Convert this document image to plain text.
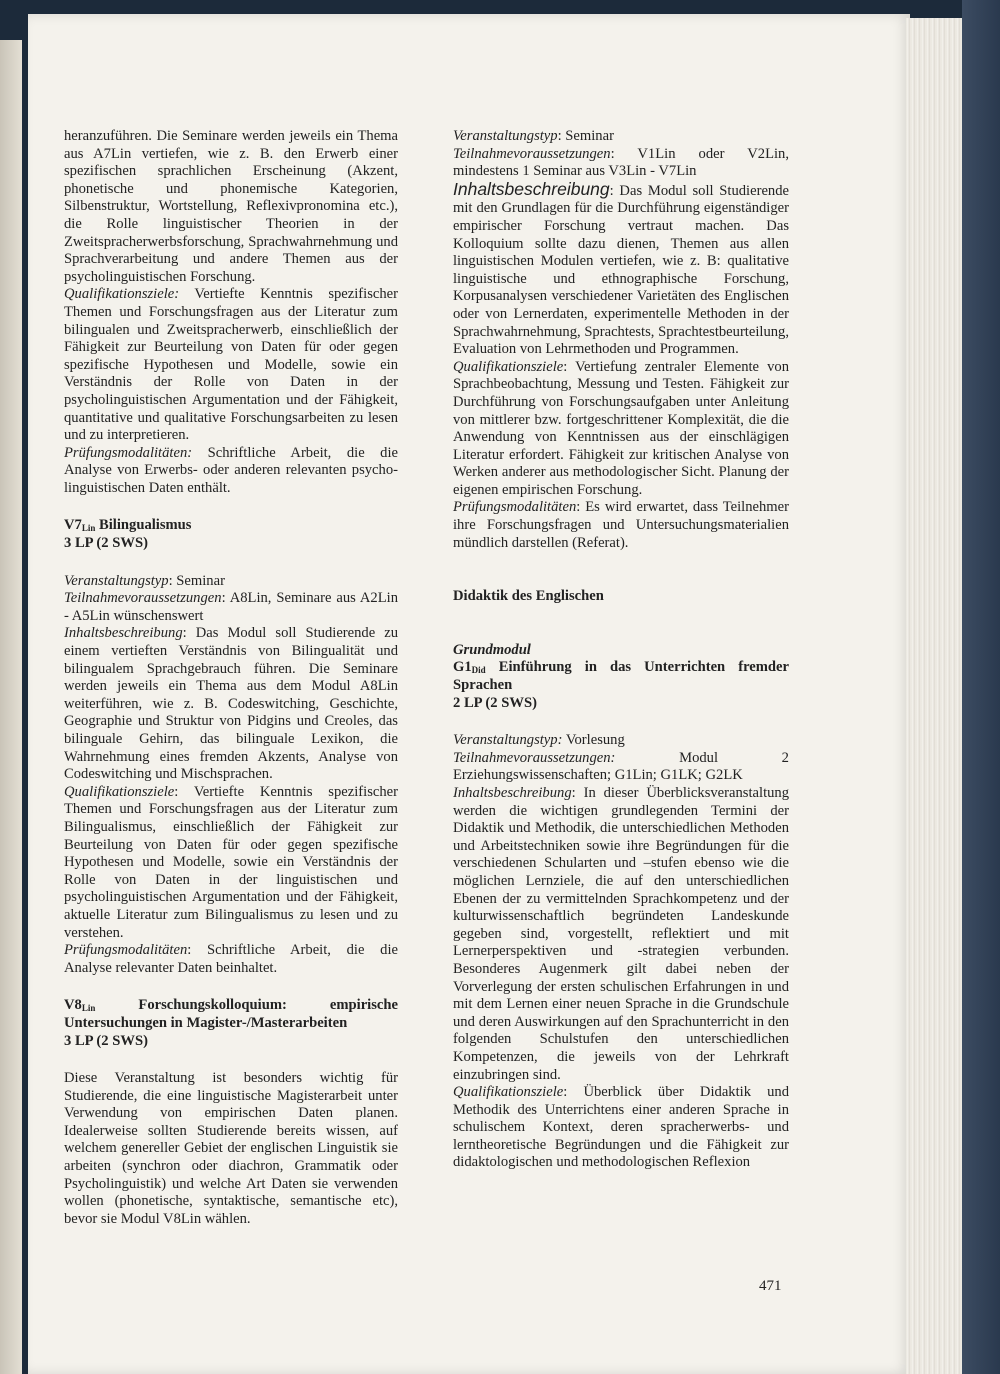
heranzuführen. Die Seminare werden jeweils ein Thema aus A7Lin vertiefen, wie z. B. den Erwerb einer spezifischen sprachlichen Erscheinung (Akzent, phonetische und phonemische Kategorien, Silbenstruktur, Wortstellung, Reflexivpronomina etc.), die Rolle linguistischer Theorien in der Zweitspracherwerbsforschung, Sprachwahrnehmung und Sprachverarbeitung und andere Themen aus der psycholinguistischen Forschung.

Qualifikationsziele: Vertiefte Kenntnis spezifischer Themen und Forschungsfragen aus der Literatur zum bilingualen und Zweitspracherwerb, einschließlich der Fähigkeit zur Beurteilung von Daten für oder gegen spezifische Hypothesen und Modelle, sowie ein Verständnis der Rolle von Daten in der psycholinguistischen Argumentation und der Fähigkeit, quantitative und qualitative Forschungsarbeiten zu lesen und zu interpretieren.

Prüfungsmodalitäten: Schriftliche Arbeit, die die Analyse von Erwerbs- oder anderen relevanten psycho-linguistischen Daten enthält.

$V7_{Lin}$ Bilingualismus

3 LP (2 SWS)

Veranstaltungstyp: Seminar

Teilnahmevoraussetzungen: A8Lin, Seminare aus A2Lin - A5Lin wünschenswert

Inhaltsbeschreibung: Das Modul soll Studierende zu einem vertieften Verständnis von Bilingualität und bilingualem Sprachgebrauch führen. Die Seminare werden jeweils ein Thema aus dem Modul A8Lin weiterführen, wie z. B. Codeswitching, Geschichte, Geographie und Struktur von Pidgins und Creoles, das bilinguale Gehirn, das bilinguale Lexikon, die Wahrnehmung eines fremden Akzents, Analyse von Codeswitching und Mischsprachen.

Qualifikationsziele: Vertiefte Kenntnis spezifischer Themen und Forschungsfragen aus der Literatur zum Bilingualismus, einschließlich der Fähigkeit zur Beurteilung von Daten für oder gegen spezifische Hypothesen und Modelle, sowie ein Verständnis der Rolle von Daten in der linguistischen und psycholinguistischen Argumentation und der Fähigkeit, aktuelle Literatur zum Bilingualismus zu lesen und zu verstehen.

Prüfungsmodalitäten: Schriftliche Arbeit, die die Analyse relevanter Daten beinhaltet.

$V8_{Lin}$	Forschungskolloquium: empirische Untersuchungen in Magister-/Masterarbeiten

3 LP (2 SWS)

Diese Veranstaltung ist besonders wichtig für Studierende, die eine linguistische Magisterarbeit unter Verwendung von empirischen Daten planen. Idealerweise sollten Studierende bereits wissen, auf welchem genereller Gebiet der englischen Linguistik sie arbeiten (synchron oder diachron, Grammatik oder Psycholinguistik) und welche Art Daten sie verwenden wollen (phonetische, syntaktische, semantische etc), bevor sie Modul V8Lin wählen.

Veranstaltungstyp: Seminar

Teilnahmevoraussetzungen: V1Lin oder V2Lin, mindestens 1 Seminar aus V3Lin - V7Lin

Inhaltsbeschreibung: Das Modul soll Studierende mit den Grundlagen für die Durchführung eigenständiger empirischer Forschung vertraut machen. Das Kolloquium sollte dazu dienen, Themen aus allen linguistischen Modulen vertiefen, wie z. B: qualitative linguistische und ethnographische Forschung, Korpusanalysen verschiedener Varietäten des Englischen oder von Lernerdaten, experimentelle Methoden in der Sprachwahrnehmung, Sprachtests, Sprachtestbeurteilung, Evaluation von Lehrmethoden und Programmen.

Qualifikationsziele: Vertiefung zentraler Elemente von Sprachbeobachtung, Messung und Testen. Fähigkeit zur Durchführung von Forschungsaufgaben unter Anleitung von mittlerer bzw. fortgeschrittener Komplexität, die die Anwendung von Kenntnissen aus der einschlägigen Literatur erfordert. Fähigkeit zur kritischen Analyse von Werken anderer aus methodologischer Sicht. Planung der eigenen empirischen Forschung.

Prüfungsmodalitäten: Es wird erwartet, dass Teilnehmer ihre Forschungsfragen und Untersuchungsmaterialien mündlich darstellen (Referat).

Didaktik des Englischen

Grundmodul

$G1_{Did}$ Einführung in das Unterrichten fremder Sprachen

2 LP (2 SWS)

Veranstaltungstyp: Vorlesung

Teilnahmevoraussetzungen:	Modul 2 Erziehungswissenschaften; G1Lin; G1LK; G2LK

Inhaltsbeschreibung: In dieser Überblicksveranstaltung werden die wichtigen grundlegenden Termini der Didaktik und Methodik, die unterschiedlichen Methoden und Arbeitstechniken sowie ihre Begründungen für die verschiedenen Schularten und –stufen ebenso wie die möglichen Lernziele, die auf den unterschiedlichen Ebenen der zu vermittelnden Sprachkompetenz und der kulturwissenschaftlich begründeten Landeskunde gegeben sind, vorgestellt, reflektiert und mit Lernerperspektiven und -strategien verbunden. Besonderes Augenmerk gilt dabei neben der Vorverlegung der ersten schulischen Erfahrungen in und mit dem Lernen einer neuen Sprache in die Grundschule und deren Auswirkungen auf den Sprachunterricht in den folgenden Schulstufen den unterschiedlichen Kompetenzen, die jeweils von der Lehrkraft einzubringen sind.

Qualifikationsziele: Überblick über Didaktik und Methodik des Unterrichtens einer anderen Sprache in schulischem Kontext, deren spracherwerbs- und lerntheoretische Begründungen und die Fähigkeit zur didaktologischen und methodologischen Reflexion

471
